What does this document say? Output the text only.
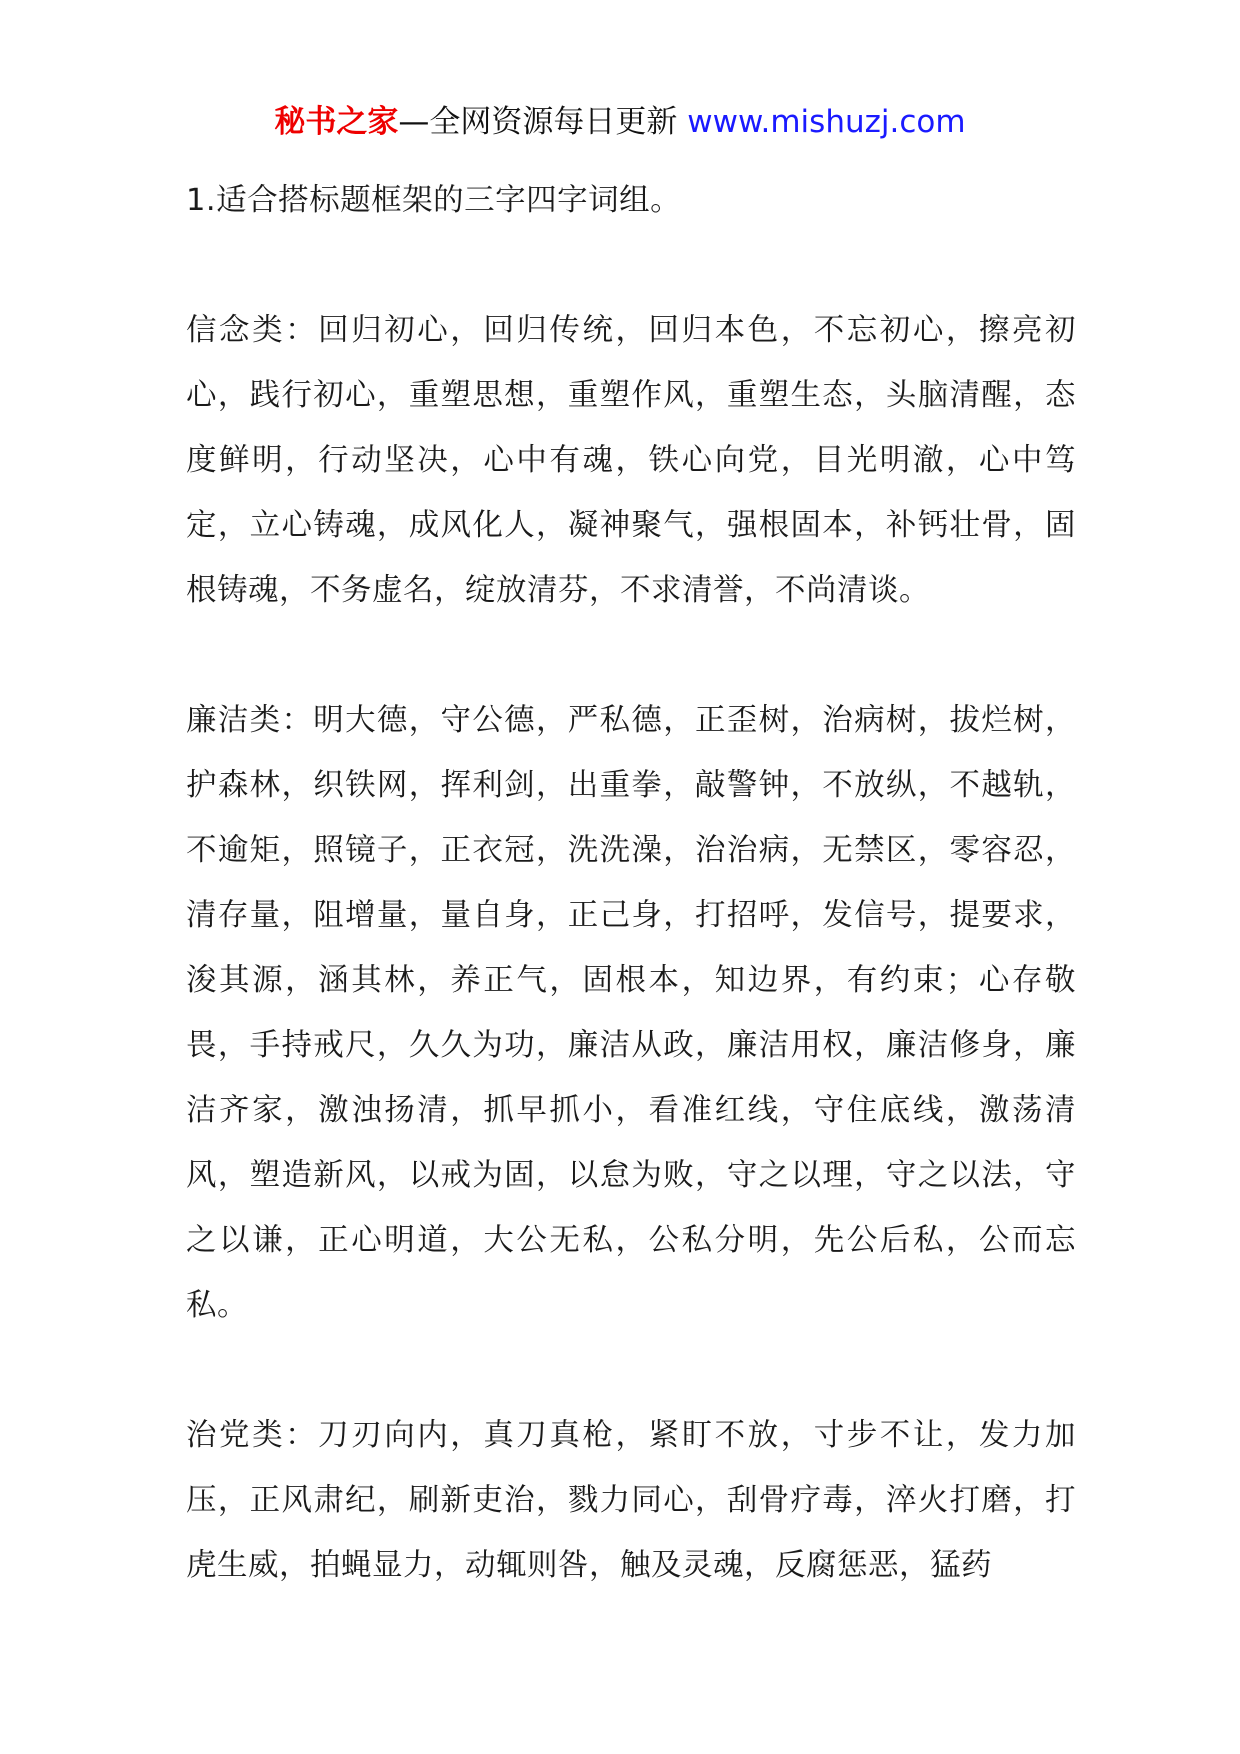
秘书之家—全网资源每日更新 www.mishuzj.com

1.适合搭标题框架的三字四字词组。

信念类：回归初心，回归传统，回归本色，不忘初心，擦亮初心，践行初心，重塑思想，重塑作风，重塑生态，头脑清醒，态度鲜明，行动坚决，心中有魂，铁心向党，目光明澈，心中笃定，立心铸魂，成风化人，凝神聚气，强根固本，补钙壮骨，固根铸魂，不务虚名，绽放清芬，不求清誉，不尚清谈。

廉洁类：明大德，守公德，严私德，正歪树，治病树，拔烂树，护森林，织铁网，挥利剑，出重拳，敲警钟，不放纵，不越轨，不逾矩，照镜子，正衣冠，洗洗澡，治治病，无禁区，零容忍，清存量，阻增量，量自身，正己身，打招呼，发信号，提要求，浚其源，涵其林，养正气，固根本，知边界，有约束；心存敬畏，手持戒尺，久久为功，廉洁从政，廉洁用权，廉洁修身，廉洁齐家，激浊扬清，抓早抓小，看准红线，守住底线，激荡清风，塑造新风，以戒为固，以怠为败，守之以理，守之以法，守之以谦，正心明道，大公无私，公私分明，先公后私，公而忘私。

治党类：刀刃向内，真刀真枪，紧盯不放，寸步不让，发力加压，正风肃纪，刷新吏治，戮力同心，刮骨疗毒，淬火打磨，打虎生威，拍蝇显力，动辄则咎，触及灵魂，反腐惩恶，猛药
